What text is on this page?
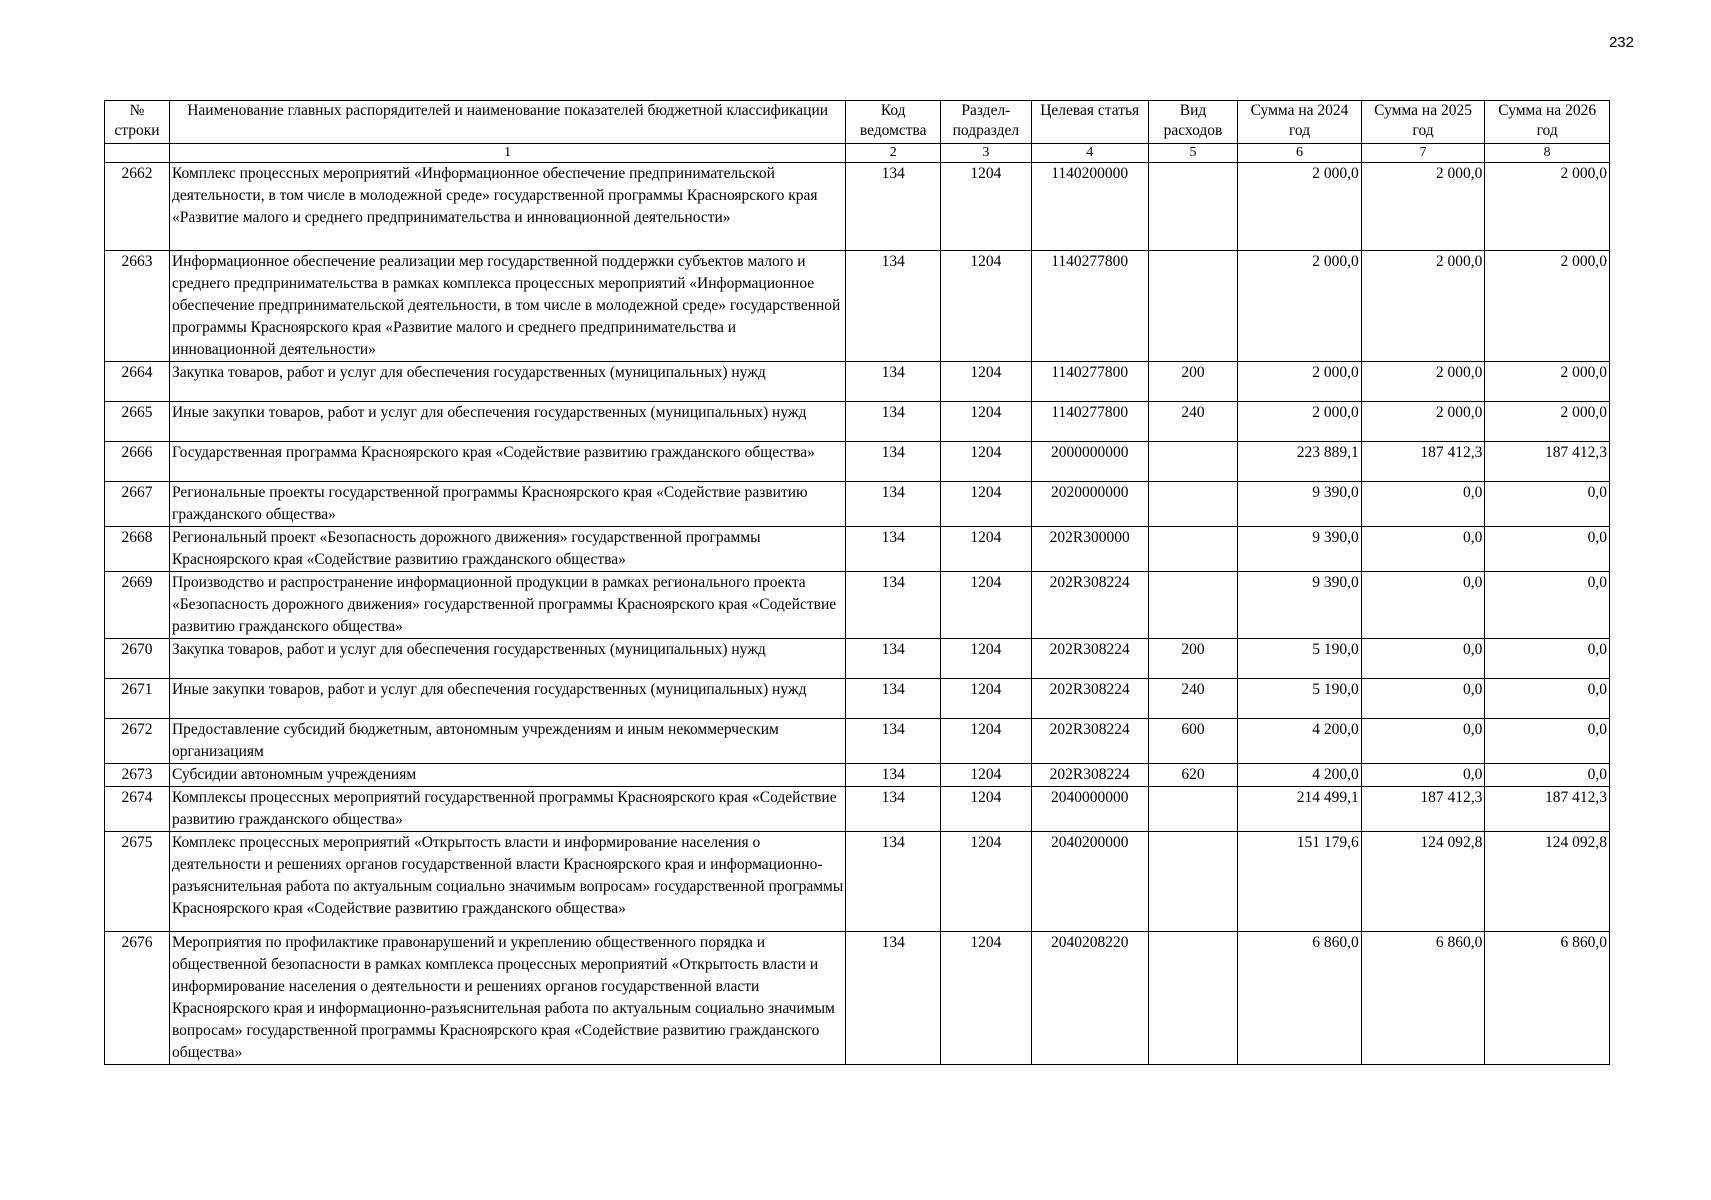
232
№ строки	Наименование главных распорядителей и наименование показателей бюджетной классификации	Код ведомства	Раздел-подраздел	Целевая статья	Вид расходов	Сумма на 2024 год	Сумма на 2025 год	Сумма на 2026 год
	1	2	3	4	5	6	7	8
2662	Комплекс процессных мероприятий «Информационное обеспечение предпринимательской деятельности, в том числе в молодежной среде» государственной программы Красноярского края «Развитие малого и среднего предпринимательства и инновационной деятельности»	134	1204	1140200000		2 000,0	2 000,0	2 000,0
2663	Информационное обеспечение реализации мер государственной поддержки субъектов малого и среднего предпринимательства в рамках комплекса процессных мероприятий «Информационное обеспечение предпринимательской деятельности, в том числе в молодежной среде» государственной программы Красноярского края «Развитие малого и среднего предпринимательства и инновационной деятельности»	134	1204	1140277800		2 000,0	2 000,0	2 000,0
2664	Закупка товаров, работ и услуг для обеспечения государственных (муниципальных) нужд	134	1204	1140277800	200	2 000,0	2 000,0	2 000,0
2665	Иные закупки товаров, работ и услуг для обеспечения государственных (муниципальных) нужд	134	1204	1140277800	240	2 000,0	2 000,0	2 000,0
2666	Государственная программа Красноярского края «Содействие развитию гражданского общества»	134	1204	2000000000		223 889,1	187 412,3	187 412,3
2667	Региональные проекты государственной программы Красноярского края «Содействие развитию гражданского общества»	134	1204	2020000000		9 390,0	0,0	0,0
2668	Региональный проект «Безопасность дорожного движения» государственной программы Красноярского края «Содействие развитию гражданского общества»	134	1204	202R300000		9 390,0	0,0	0,0
2669	Производство и распространение информационной продукции в рамках регионального проекта «Безопасность дорожного движения» государственной программы Красноярского края «Содействие развитию гражданского общества»	134	1204	202R308224		9 390,0	0,0	0,0
2670	Закупка товаров, работ и услуг для обеспечения государственных (муниципальных) нужд	134	1204	202R308224	200	5 190,0	0,0	0,0
2671	Иные закупки товаров, работ и услуг для обеспечения государственных (муниципальных) нужд	134	1204	202R308224	240	5 190,0	0,0	0,0
2672	Предоставление субсидий бюджетным, автономным учреждениям и иным некоммерческим организациям	134	1204	202R308224	600	4 200,0	0,0	0,0
2673	Субсидии автономным учреждениям	134	1204	202R308224	620	4 200,0	0,0	0,0
2674	Комплексы процессных мероприятий государственной программы Красноярского края «Содействие развитию гражданского общества»	134	1204	2040000000		214 499,1	187 412,3	187 412,3
2675	Комплекс процессных мероприятий «Открытость власти и информирование населения о деятельности и решениях органов государственной власти Красноярского края и информационно-разъяснительная работа по актуальным социально значимым вопросам» государственной программы Красноярского края «Содействие развитию гражданского общества»	134	1204	2040200000		151 179,6	124 092,8	124 092,8
2676	Мероприятия по профилактике правонарушений и укреплению общественного порядка и общественной безопасности в рамках комплекса процессных мероприятий «Открытость власти и информирование населения о деятельности и решениях органов государственной власти Красноярского края и информационно-разъяснительная работа по актуальным социально значимым вопросам» государственной программы Красноярского края «Содействие развитию гражданского общества»	134	1204	2040208220		6 860,0	6 860,0	6 860,0
